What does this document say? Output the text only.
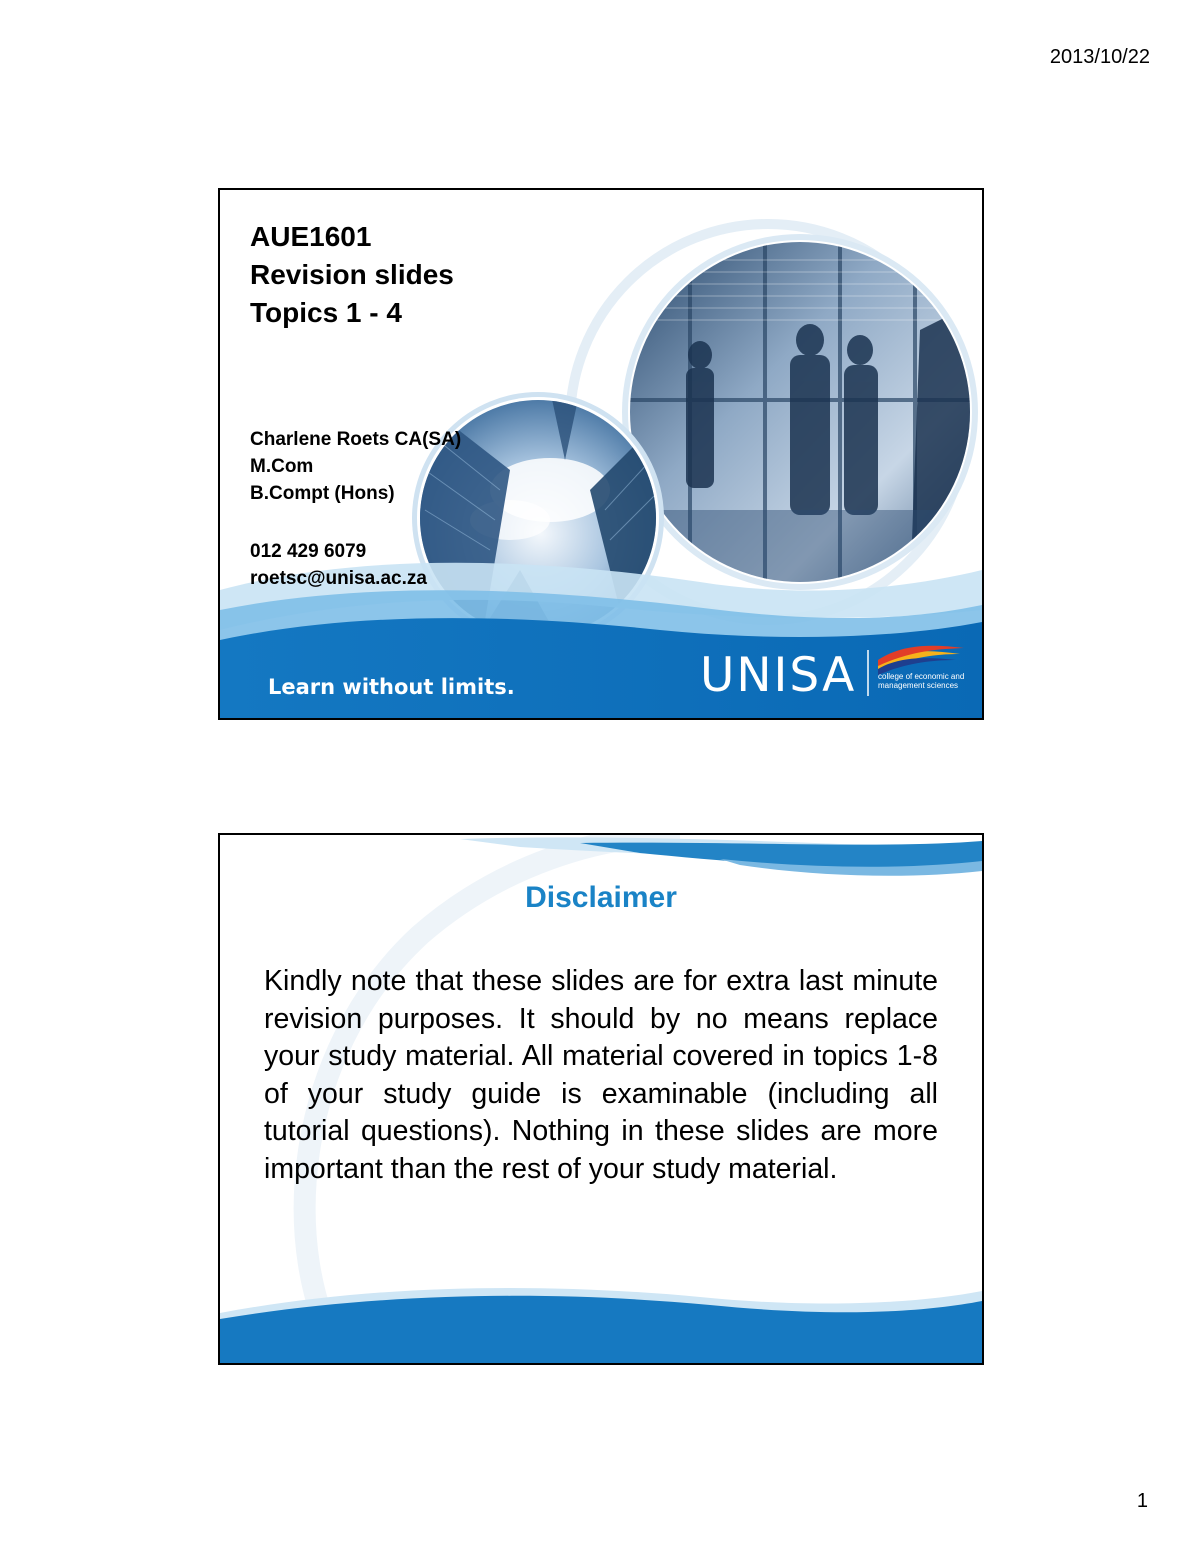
2013/10/22
AUE1601
Revision slides
Topics 1 - 4
Charlene Roets CA(SA)
M.Com
B.Compt (Hons)
012 429 6079
roetsc@unisa.ac.za
Learn without limits.	UNISA	college of economic and management sciences
Disclaimer

Kindly note that these slides are for extra last minute revision purposes. It should by no means replace your study material. All material covered in topics 1-8 of your study guide is examinable (including all tutorial questions). Nothing in these slides are more important than the rest of your study material.

1
